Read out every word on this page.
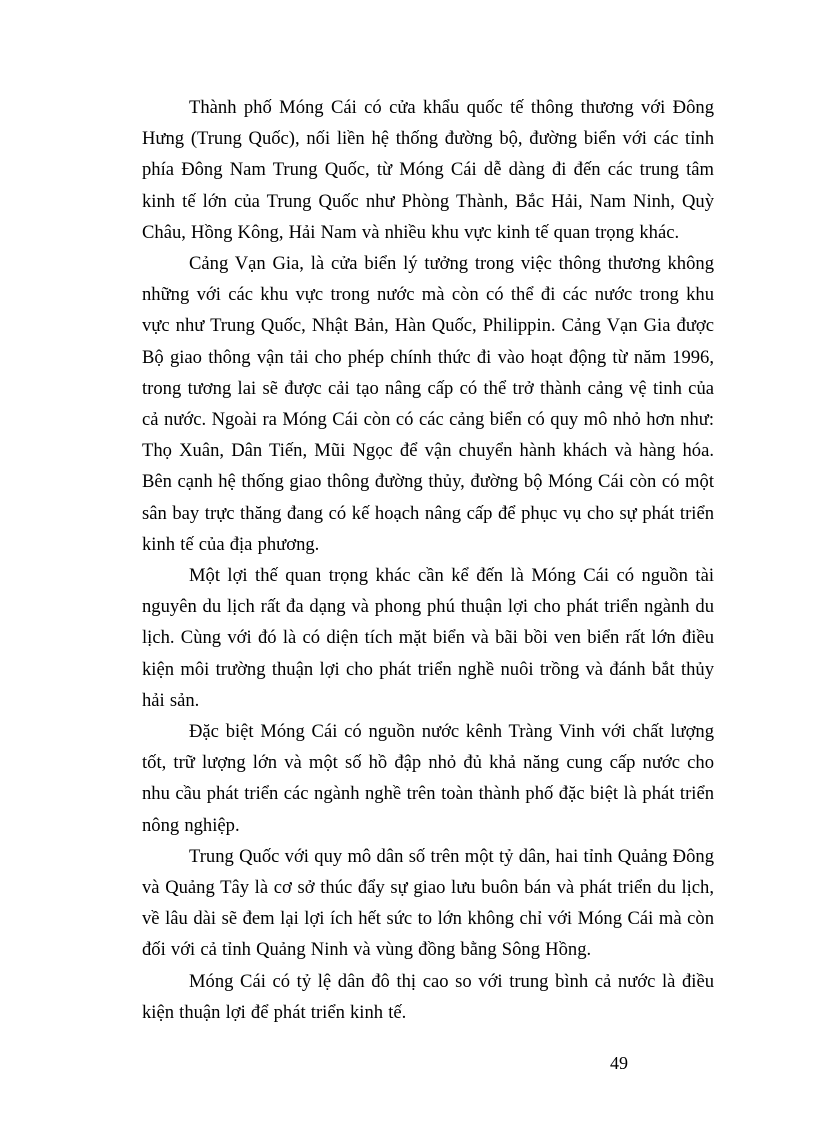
Thành phố Móng Cái có cửa khẩu quốc tế thông thương với Đông Hưng (Trung Quốc), nối liền hệ thống đường bộ, đường biển với các tỉnh phía Đông Nam Trung Quốc, từ Móng Cái dễ dàng đi đến các trung tâm kinh tế lớn của Trung Quốc như Phòng Thành, Bắc Hải, Nam Ninh, Quỳ Châu, Hồng Kông, Hải Nam và nhiều khu vực kinh tế quan trọng khác.

Cảng Vạn Gia, là cửa biển lý tưởng trong việc thông thương không những với các khu vực trong nước mà còn có thể đi các nước trong khu vực như Trung Quốc, Nhật Bản, Hàn Quốc, Philippin. Cảng Vạn Gia được Bộ giao thông vận tải cho phép chính thức đi vào hoạt động từ năm 1996, trong tương lai sẽ được cải tạo nâng cấp có thể trở thành cảng vệ tinh của cả nước. Ngoài ra Móng Cái còn có các cảng biển có quy mô nhỏ hơn như: Thọ Xuân, Dân Tiến, Mũi Ngọc để vận chuyển hành khách và hàng hóa. Bên cạnh hệ thống giao thông đường thủy, đường bộ Móng Cái còn có một sân bay trực thăng đang có kế hoạch nâng cấp để phục vụ cho sự phát triển kinh tế của địa phương.

Một lợi thế quan trọng khác cần kể đến là Móng Cái có nguồn tài nguyên du lịch rất đa dạng và phong phú thuận lợi cho phát triển ngành du lịch. Cùng với đó là có diện tích mặt biển và bãi bồi ven biển rất lớn điều kiện môi trường thuận lợi cho phát triển nghề nuôi trồng và đánh bắt thủy hải sản.

Đặc biệt Móng Cái có nguồn nước kênh Tràng Vinh với chất lượng tốt, trữ lượng lớn và một số hồ đập nhỏ đủ khả năng cung cấp nước cho nhu cầu phát triển các ngành nghề trên toàn thành phố đặc biệt là phát triển nông nghiệp.

Trung Quốc với quy mô dân số trên một tỷ dân, hai tỉnh Quảng Đông và Quảng Tây là cơ sở thúc đẩy sự giao lưu buôn bán và phát triển du lịch, về lâu dài sẽ đem lại lợi ích hết sức to lớn không chỉ với Móng Cái mà còn đối với cả tỉnh Quảng Ninh và vùng đồng bằng Sông Hồng.

Móng Cái có tỷ lệ dân đô thị cao so với trung bình cả nước là điều kiện thuận lợi để phát triển kinh tế.

49
